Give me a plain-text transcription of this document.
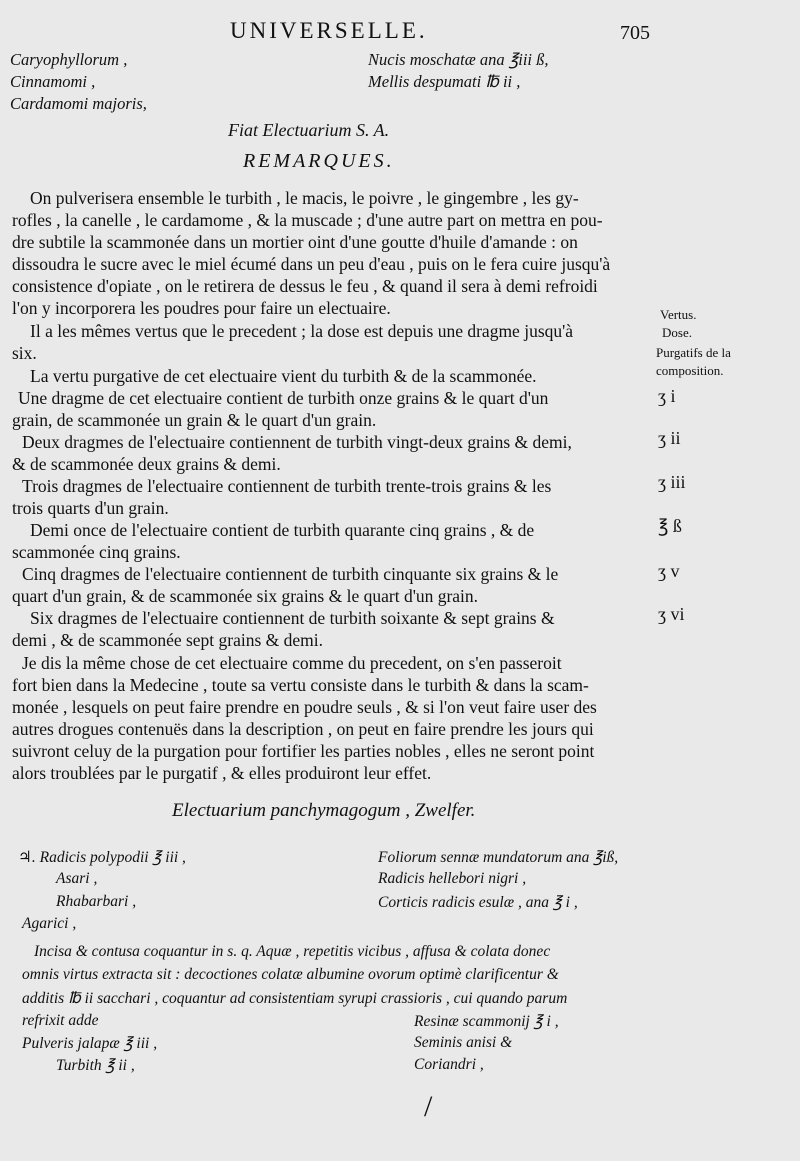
UNIVERSELLE.	705
Caryophyllorum ,
Cinnamomi ,
Cardamomi majoris,
Nucis moschatæ ana ℥iii ß,
Mellis despumati ℔ ii ,
Fiat Electuarium S. A.
REMARQUES.
On pulverisera ensemble le turbith , le macis, le poivre , le gingembre , les gy-
rofles , la canelle , le cardamome , & la muscade ; d'une autre part on mettra en pou-
dre subtile la scammonée dans un mortier oint d'une goutte d'huile d'amande : on
dissoudra le sucre avec le miel écumé dans un peu d'eau , puis on le fera cuire jusqu'à
consistence d'opiate , on le retirera de dessus le feu , & quand il sera à demi refroidi
l'on y incorporera les poudres pour faire un electuaire.
Il a les mêmes vertus que le precedent ; la dose est depuis une dragme jusqu'à
six.
La vertu purgative de cet electuaire vient du turbith & de la scammonée.
Une dragme de cet electuaire contient de turbith onze grains & le quart d'un
grain, de scammonée un grain & le quart d'un grain.
Deux dragmes de l'electuaire contiennent de turbith vingt-deux grains & demi,
& de scammonée deux grains & demi.
Trois dragmes de l'electuaire contiennent de turbith trente-trois grains & les
trois quarts d'un grain.
Demi once de l'electuaire contient de turbith quarante cinq grains , & de
scammonée cinq grains.
Cinq dragmes de l'electuaire contiennent de turbith cinquante six grains & le
quart d'un grain, & de scammonée six grains & le quart d'un grain.
Six dragmes de l'electuaire contiennent de turbith soixante & sept grains &
demi , & de scammonée sept grains & demi.
Je dis la même chose de cet electuaire comme du precedent, on s'en passeroit
fort bien dans la Medecine , toute sa vertu consiste dans le turbith & dans la scam-
monée , lesquels on peut faire prendre en poudre seuls , & si l'on veut faire user des
autres drogues contenuës dans la description , on peut en faire prendre les jours qui
suivront celuy de la purgation pour fortifier les parties nobles , elles ne seront point
alors troublées par le purgatif , & elles produiront leur effet.
Vertus.
Dose.
Purgatifs de la
composition.
ʒ i
ʒ ii
ʒ iii
℥ ß
ʒ v
ʒ vi
Electuarium panchymagogum , Zwelfer.
♃. Radicis polypodii ℥ iii ,
Asari ,
Rhabarbari ,
Agarici ,
Foliorum sennæ mundatorum ana ℥iß,
Radicis hellebori nigri ,
Corticis radicis esulæ , ana ℥ i ,
Incisa & contusa coquantur in s. q. Aquæ , repetitis vicibus , affusa & colata donec
omnis virtus extracta sit : decoctiones colatæ albumine ovorum optimè clarificentur &
additis ℔ ii sacchari , coquantur ad consistentiam syrupi crassioris , cui quando parum
refrixit adde
Pulveris jalapæ ℥ iii ,
Turbith ℥ ii ,
Resinæ scammonij ℥ i ,
Seminis anisi &
Coriandri ,
/
